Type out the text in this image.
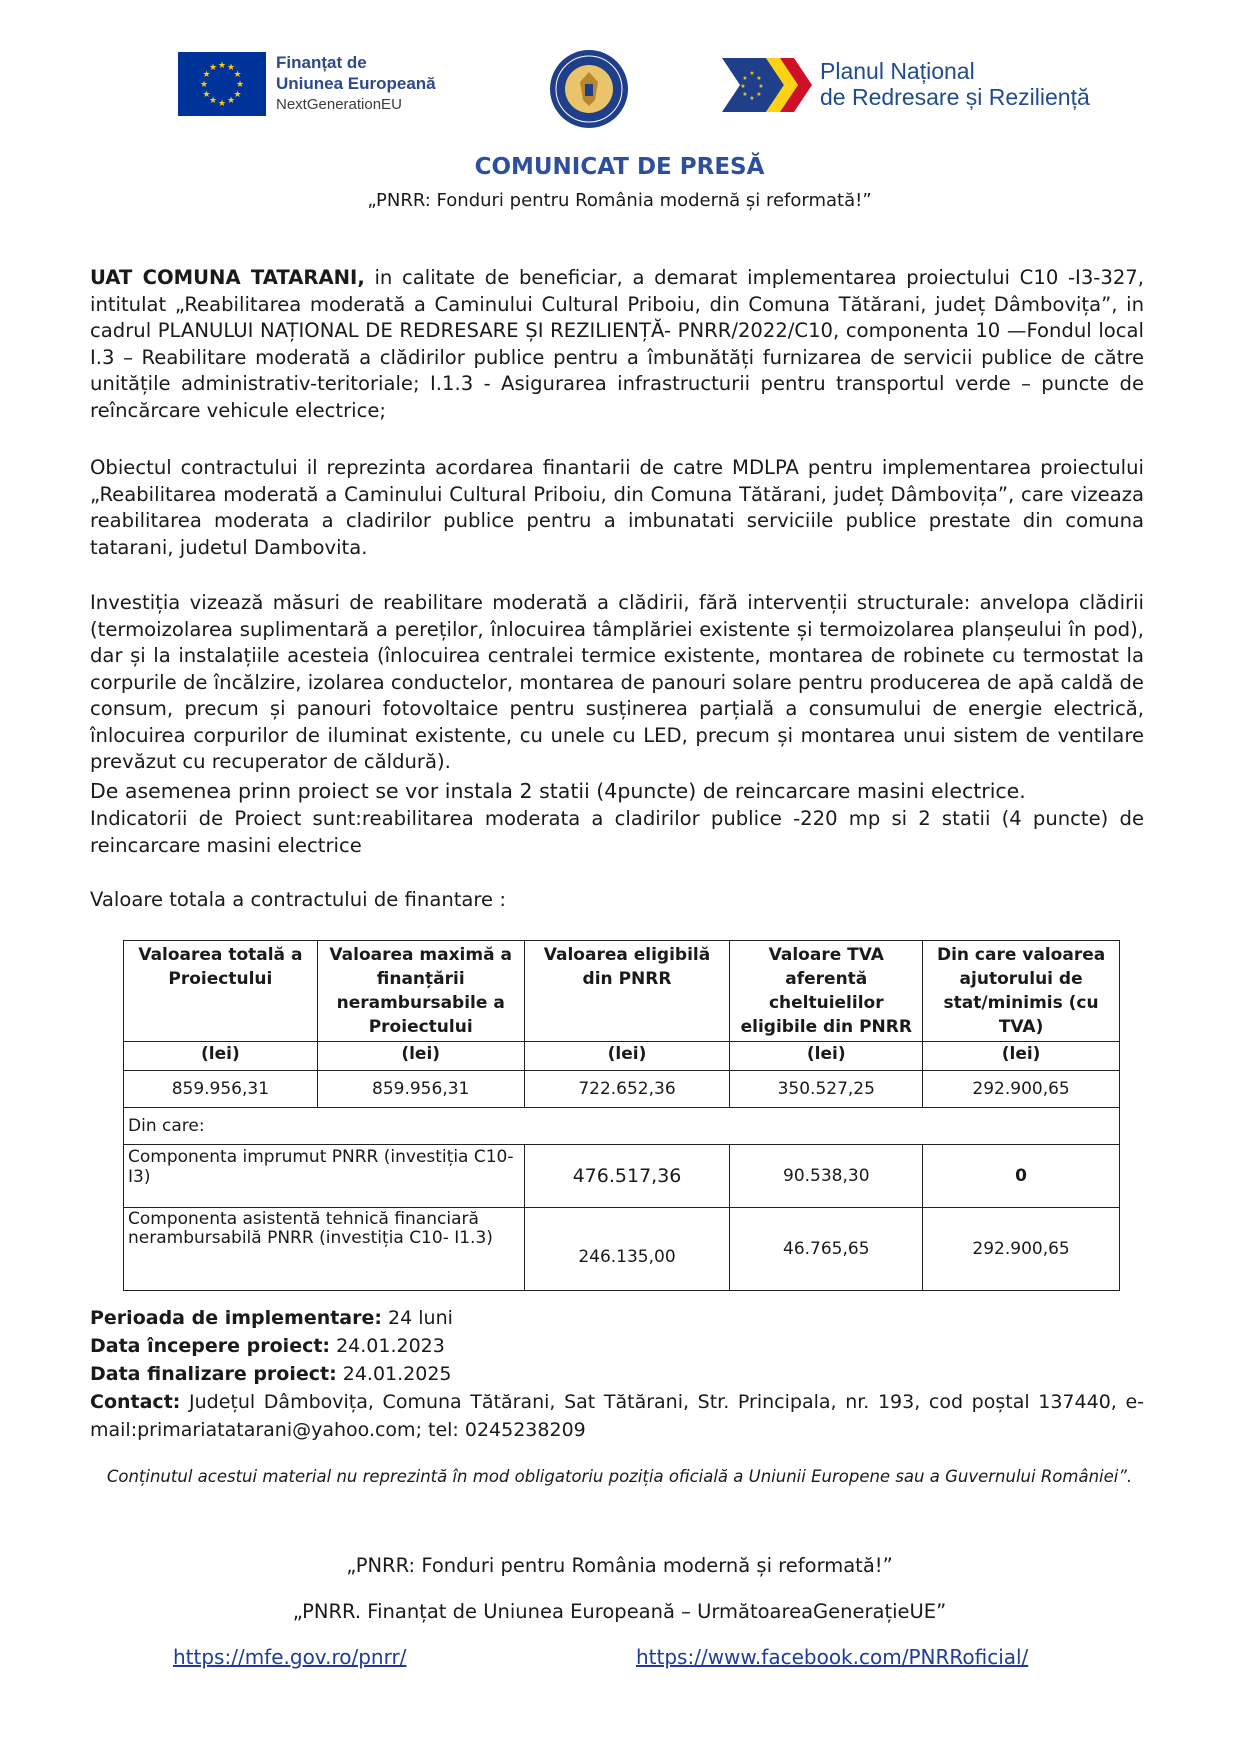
★ ★
★
★
★
★
★
★
★
★
★
★	Finanțat de
Uniunea Europeană
NextGenerationEU
★
★
★
★
★
★
★
★	Planul Național
de Redresare și Reziliență
COMUNICAT DE PRESĂ
„PNRR: Fonduri pentru România modernă și reformată!”
UAT COMUNA TATARANI, in calitate de beneficiar, a demarat implementarea proiectului C10 -I3-327, intitulat „Reabilitarea moderată a Caminului Cultural Priboiu, din Comuna Tătărani, județ Dâmbovița”, in cadrul PLANULUI NAȚIONAL DE REDRESARE ȘI REZILIENȚĂ- PNRR/2022/C10, componenta 10 —Fondul local I.3 – Reabilitare moderată a clădirilor publice pentru a îmbunătăți furnizarea de servicii publice de către unitățile administrativ-teritoriale; I.1.3 - Asigurarea infrastructurii pentru transportul verde – puncte de reîncărcare vehicule electrice;
Obiectul contractului il reprezinta acordarea finantarii de catre MDLPA pentru implementarea proiectului „Reabilitarea moderată a Caminului Cultural Priboiu, din Comuna Tătărani, județ Dâmbovița”, care vizeaza reabilitarea moderata a cladirilor publice pentru a imbunatati serviciile publice prestate din comuna tatarani, judetul Dambovita.
Investiția vizează măsuri de reabilitare moderată a clădirii, fără intervenții structurale: anvelopa clădirii (termoizolarea suplimentară a pereților, înlocuirea tâmplăriei existente și termoizolarea planșeului în pod), dar și la instalațiile acesteia (înlocuirea centralei termice existente, montarea de robinete cu termostat la corpurile de încălzire, izolarea conductelor, montarea de panouri solare pentru producerea de apă caldă de consum, precum și panouri fotovoltaice pentru susținerea parțială a consumului de energie electrică, înlocuirea corpurilor de iluminat existente, cu unele cu LED, precum și montarea unui sistem de ventilare prevăzut cu recuperator de căldură).
De asemenea prinn proiect se vor instala 2 statii (4puncte) de reincarcare masini electrice.
Indicatorii de Proiect sunt:reabilitarea moderata a cladirilor publice -220 mp si 2 statii (4 puncte) de reincarcare masini electrice
Valoare totala a contractului de finantare :
Valoarea totală a Proiectului	Valoarea maximă a finanțării nerambursabile a Proiectului	Valoarea eligibilă din PNRR	Valoare TVA aferentă cheltuielilor eligibile din PNRR	Din care valoarea ajutorului de stat/minimis (cu TVA)
(lei)	(lei)	(lei)	(lei)	(lei)
859.956,31	859.956,31	722.652,36	350.527,25	292.900,65
Din care:				
Componenta imprumut PNRR (investiția C10-I3)		476.517,36	90.538,30	0
Componenta asistentă tehnică financiară nerambursabilă PNRR (investiția C10- I1.3)		246.135,00	46.765,65	292.900,65
Perioada de implementare: 24 luni
Data începere proiect: 24.01.2023
Data finalizare proiect: 24.01.2025
Contact: Județul Dâmbovița, Comuna Tătărani, Sat Tătărani, Str. Principala, nr. 193, cod poștal 137440, e-mail:primariatatarani@yahoo.com; tel: 0245238209
Conținutul acestui material nu reprezintă în mod obligatoriu poziția oficială a Uniunii Europene sau a Guvernului României”.
„PNRR: Fonduri pentru România modernă și reformată!”
„PNRR. Finanțat de Uniunea Europeană – UrmătoareaGenerațieUE”
https://mfe.gov.ro/pnrr/	https://www.facebook.com/PNRRoficial/
